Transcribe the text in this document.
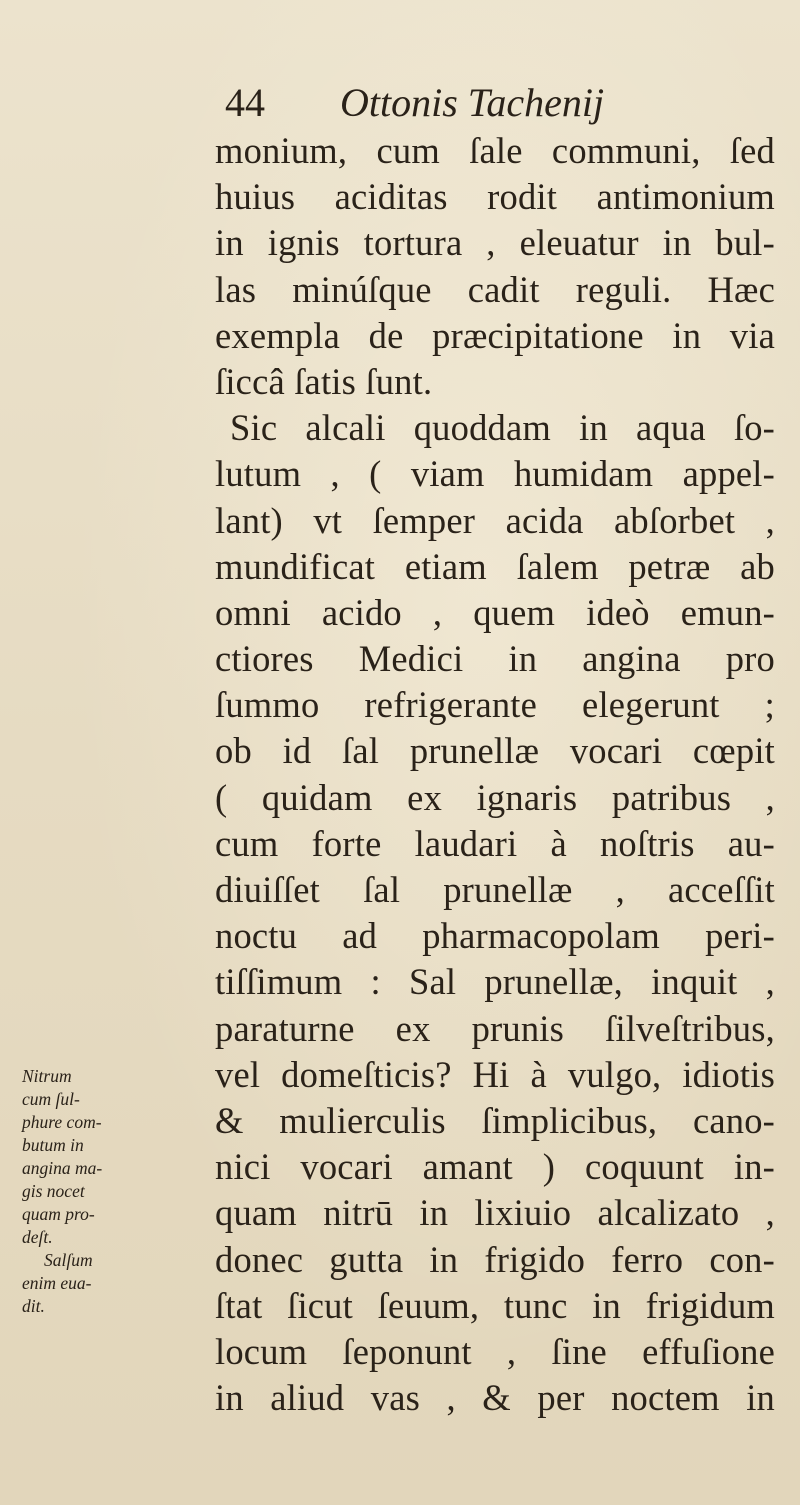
44 Ottonis Tachenij
monium, cum ſale communi, ſed
huius aciditas rodit antimonium
in ignis tortura , eleuatur in bul-
las minúſque cadit reguli. Hæc
exempla de præcipitatione in via
ſiccâ ſatis ſunt.
Sic alcali quoddam in aqua ſo-
lutum , ( viam humidam appel-
lant) vt ſemper acida abſorbet ,
mundificat etiam ſalem petræ ab
omni acido , quem ideò emun-
ctiores Medici in angina pro
ſummo refrigerante elegerunt ;
ob id ſal prunellæ vocari cœpit
( quidam ex ignaris patribus ,
cum forte laudari à noſtris au-
diuiſſet ſal prunellæ , acceſſit
noctu ad pharmacopolam peri-
tiſſimum : Sal prunellæ, inquit ,
paraturne ex prunis ſilveſtribus,
vel domeſticis? Hi à vulgo, idiotis
& mulierculis ſimplicibus, cano-
nici vocari amant ) coquunt in-
quam nitrū in lixiuio alcalizato ,
donec gutta in frigido ferro con-
ſtat ſicut ſeuum, tunc in frigidum
locum ſeponunt , ſine effuſione
in aliud vas , & per noctem in
Nitrum
cum ſul-
phure com-
butum in
angina ma-
gis nocet
quam pro-
deſt.
Salſum
enim eua-
dit.
